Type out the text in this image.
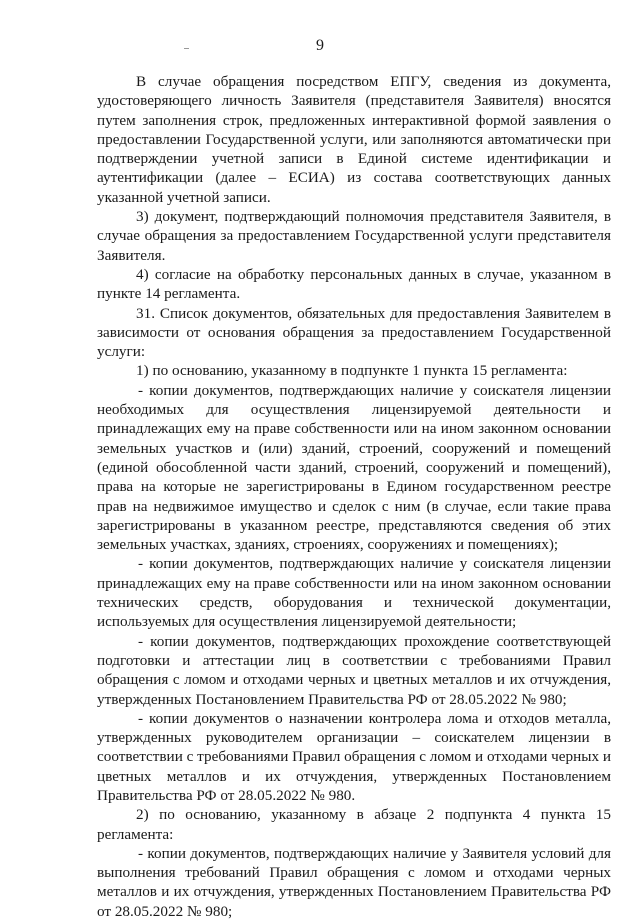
9

В случае обращения посредством ЕПГУ, сведения из документа, удостоверяющего личность Заявителя (представителя Заявителя) вносятся путем заполнения строк, предложенных интерактивной формой заявления о предоставлении Государственной услуги, или заполняются автоматически при подтверждении учетной записи в Единой системе идентификации и аутентификации (далее – ЕСИА) из состава соответствующих данных указанной учетной записи.

3) документ, подтверждающий полномочия представителя Заявителя, в случае обращения за предоставлением Государственной услуги представителя Заявителя.

4) согласие на обработку персональных данных в случае, указанном в пункте 14 регламента.

31. Список документов, обязательных для предоставления Заявителем в зависимости от основания обращения за предоставлением Государственной услуги:

1) по основанию, указанному в подпункте 1 пункта 15 регламента:

- копии документов, подтверждающих наличие у соискателя лицензии необходимых для осуществления лицензируемой деятельности и принадлежащих ему на праве собственности или на ином законном основании земельных участков и (или) зданий, строений, сооружений и помещений (единой обособленной части зданий, строений, сооружений и помещений), права на которые не зарегистрированы в Едином государственном реестре прав на недвижимое имущество и сделок с ним (в случае, если такие права зарегистрированы в указанном реестре, представляются сведения об этих земельных участках, зданиях, строениях, сооружениях и помещениях);

- копии документов, подтверждающих наличие у соискателя лицензии принадлежащих ему на праве собственности или на ином законном основании технических средств, оборудования и технической документации, используемых для осуществления лицензируемой деятельности;

- копии документов, подтверждающих прохождение соответствующей подготовки и аттестации лиц в соответствии с требованиями Правил обращения с ломом и отходами черных и цветных металлов и их отчуждения, утвержденных Постановлением Правительства РФ от 28.05.2022 № 980;

- копии документов о назначении контролера лома и отходов металла, утвержденных руководителем организации – соискателем лицензии в соответствии с требованиями Правил обращения с ломом и отходами черных и цветных металлов и их отчуждения, утвержденных Постановлением Правительства РФ от 28.05.2022 № 980.

2) по основанию, указанному в абзаце 2 подпункта 4 пункта 15 регламента:

- копии документов, подтверждающих наличие у Заявителя условий для выполнения требований Правил обращения с ломом и отходами черных металлов и их отчуждения, утвержденных Постановлением Правительства РФ от 28.05.2022 № 980;
